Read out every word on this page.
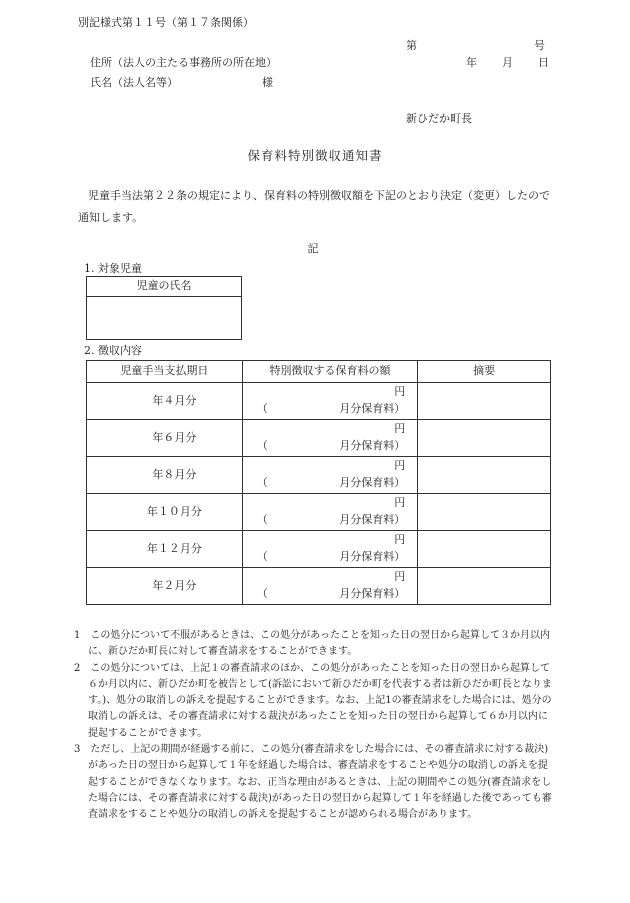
別記様式第１１号（第１７条関係）
第	号
住所（法人の主たる事務所の所在地）	年 月 日
氏名（法人名等）	様
新ひだか町長
保育料特別徴収通知書
児童手当法第２２条の規定により、保育料の特別徴収額を下記のとおり決定（変更）したので通知します。
記
1. 対象児童
児童の氏名

2. 徴収内容
児童手当支払期日	特別徴収する保育料の額	摘要
年４月分	円
（ 月分保育料）	

年６月分	円
（ 月分保育料）	

年８月分	円
（ 月分保育料）	

年１０月分	円
（ 月分保育料）	

年１２月分	円
（ 月分保育料）	

年２月分	円
（ 月分保育料）	

1　この処分について不服があるときは、この処分があったことを知った日の翌日から起算して３か月以内に、新ひだか町長に対して審査請求をすることができます。
2　この処分については、上記１の審査請求のほか、この処分があったことを知った日の翌日から起算して６か月以内に、新ひだか町を被告として(訴訟において新ひだか町を代表する者は新ひだか町長となります。)、処分の取消しの訴えを提起することができます。なお、上記1の審査請求をした場合には、処分の取消しの訴えは、その審査請求に対する裁決があったことを知った日の翌日から起算して６か月以内に提起することができます。
3　ただし、上記の期間が経過する前に、この処分(審査請求をした場合には、その審査請求に対する裁決)があった日の翌日から起算して１年を経過した場合は、審査請求をすることや処分の取消しの訴えを提起することができなくなります。なお、正当な理由があるときは、上記の期間やこの処分(審査請求をした場合には、その審査請求に対する裁決)があった日の翌日から起算して１年を経過した後であっても審査請求をすることや処分の取消しの訴えを提起することが認められる場合があります。
